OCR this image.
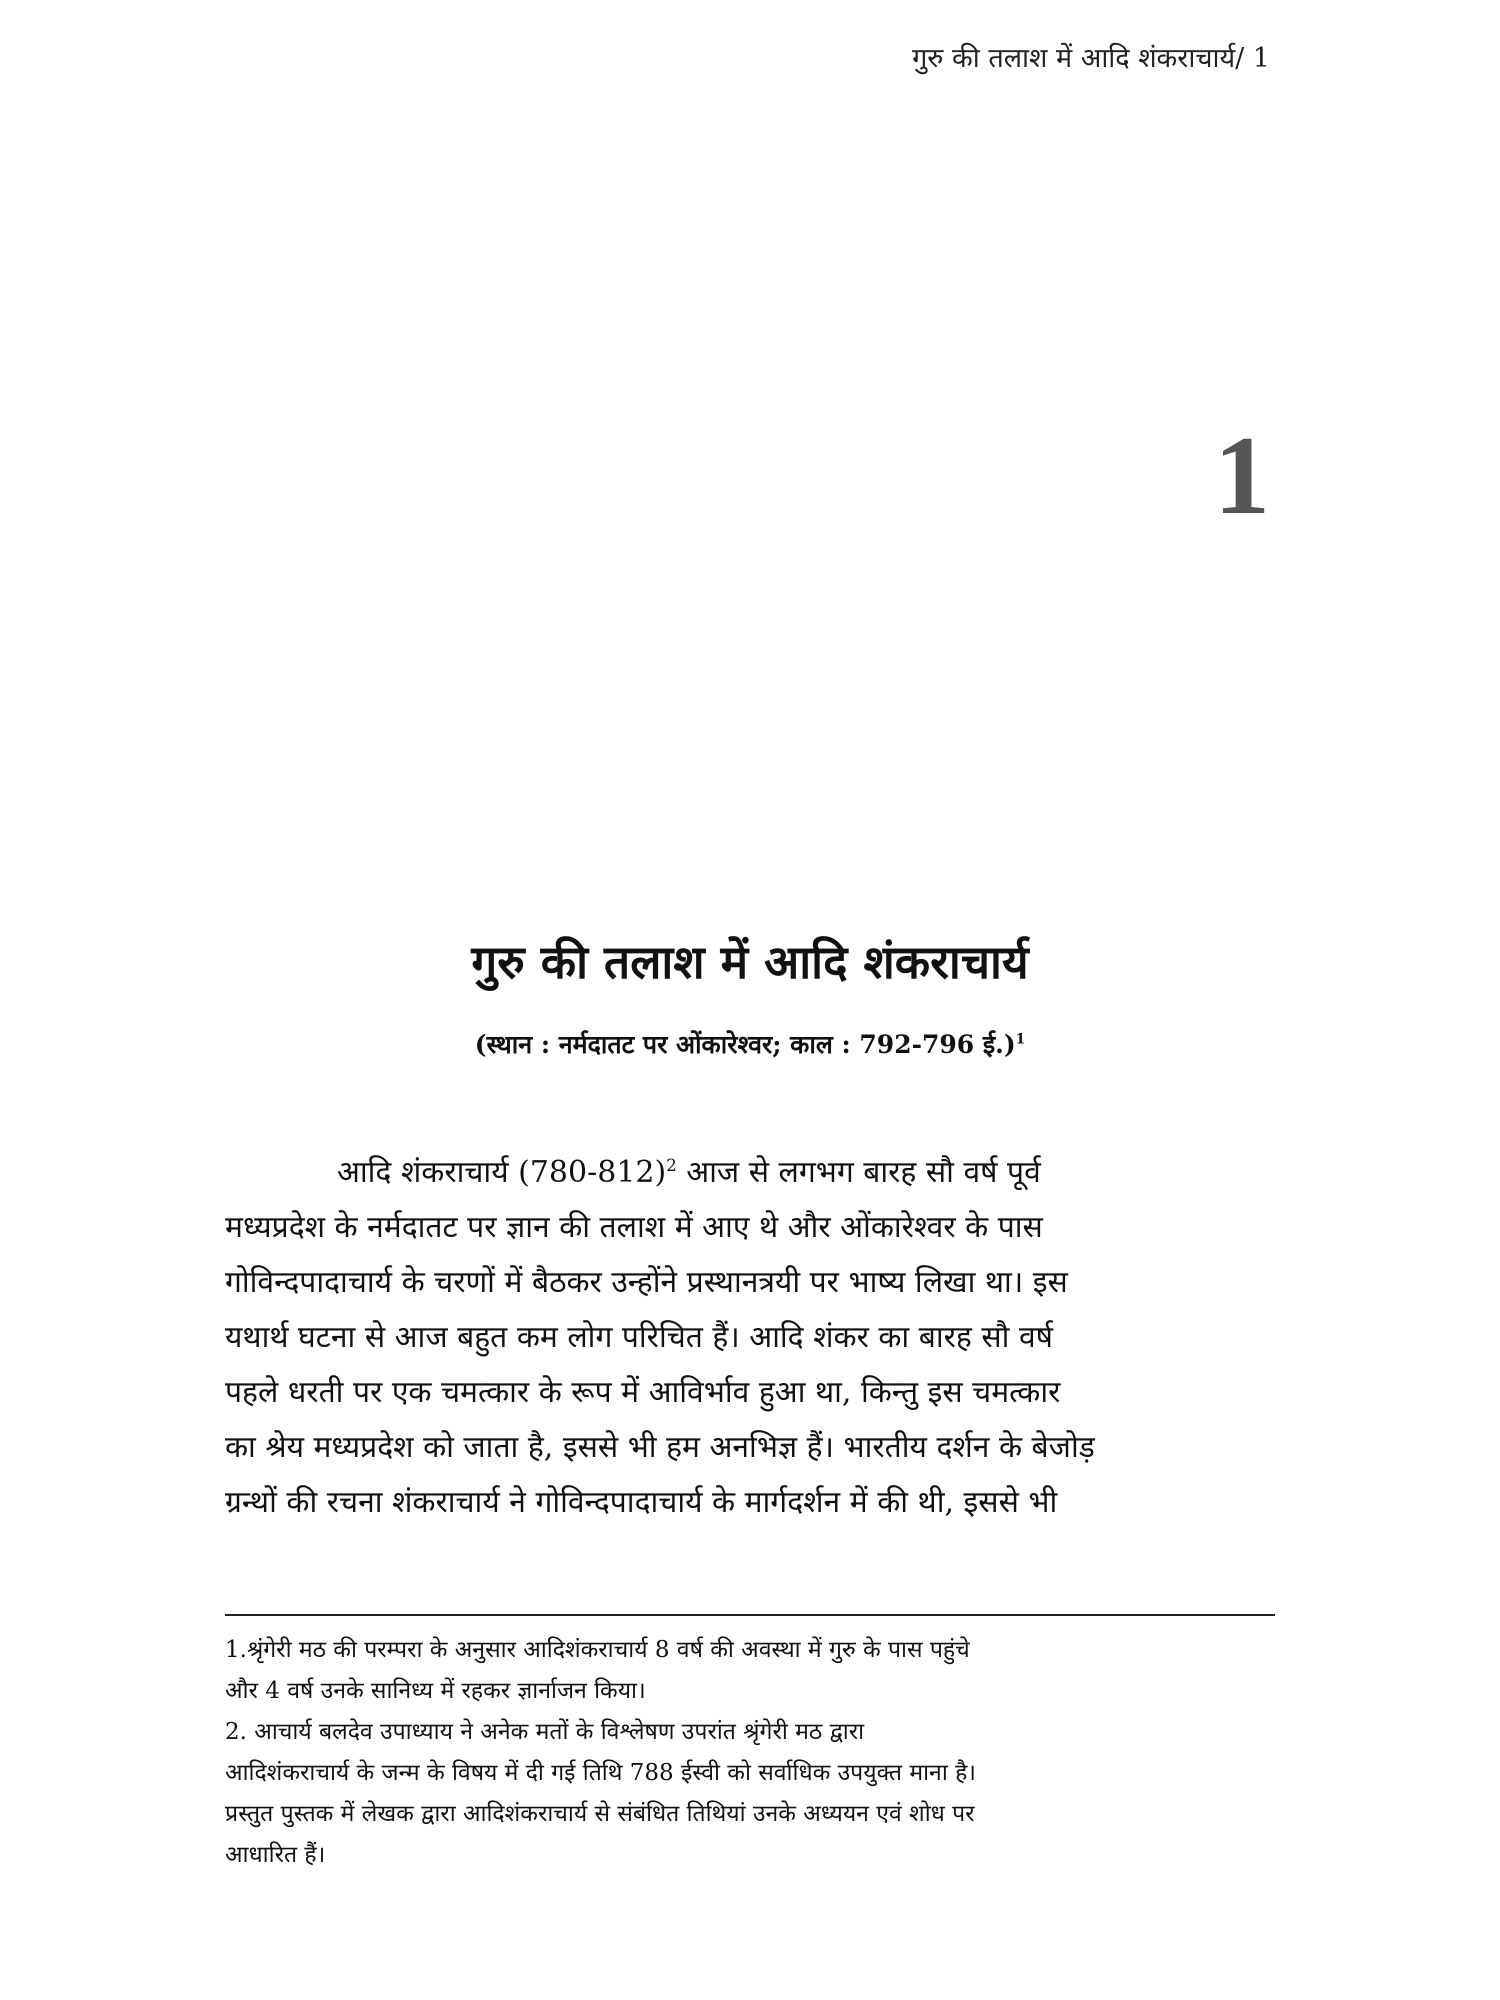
गुरु की तलाश में आदि शंकराचार्य/ 1
1
गुरु की तलाश में आदि शंकराचार्य
(स्थान : नर्मदातट पर ओंकारेश्वर; काल : 792-796 ई.)$^1$
आदि शंकराचार्य $(780-812)^2$ आज से लगभग बारह सौ वर्ष पूर्व
मध्यप्रदेश के नर्मदातट पर ज्ञान की तलाश में आए थे और ओंकारेश्वर के पास
गोविन्दपादाचार्य के चरणों में बैठकर उन्होंने प्रस्थानत्रयी पर भाष्य लिखा था। इस
यथार्थ घटना से आज बहुत कम लोग परिचित हैं। आदि शंकर का बारह सौ वर्ष
पहले धरती पर एक चमत्कार के रूप में आविर्भाव हुआ था, किन्तु इस चमत्कार
का श्रेय मध्यप्रदेश को जाता है, इससे भी हम अनभिज्ञ हैं। भारतीय दर्शन के बेजोड़
ग्रन्थों की रचना शंकराचार्य ने गोविन्दपादाचार्य के मार्गदर्शन में की थी, इससे भी
1.श्रृंगेरी मठ की परम्परा के अनुसार आदिशंकराचार्य 8 वर्ष की अवस्था में गुरु के पास पहुंचे
और 4 वर्ष उनके सानिध्य में रहकर ज्ञार्नाजन किया।
2. आचार्य बलदेव उपाध्याय ने अनेक मतों के विश्लेषण उपरांत श्रृंगेरी मठ द्वारा
आदिशंकराचार्य के जन्म के विषय में दी गई तिथि 788 ईस्वी को सर्वाधिक उपयुक्त माना है।
प्रस्तुत पुस्तक में लेखक द्वारा आदिशंकराचार्य से संबंधित तिथियां उनके अध्ययन एवं शोध पर
आधारित हैं।
